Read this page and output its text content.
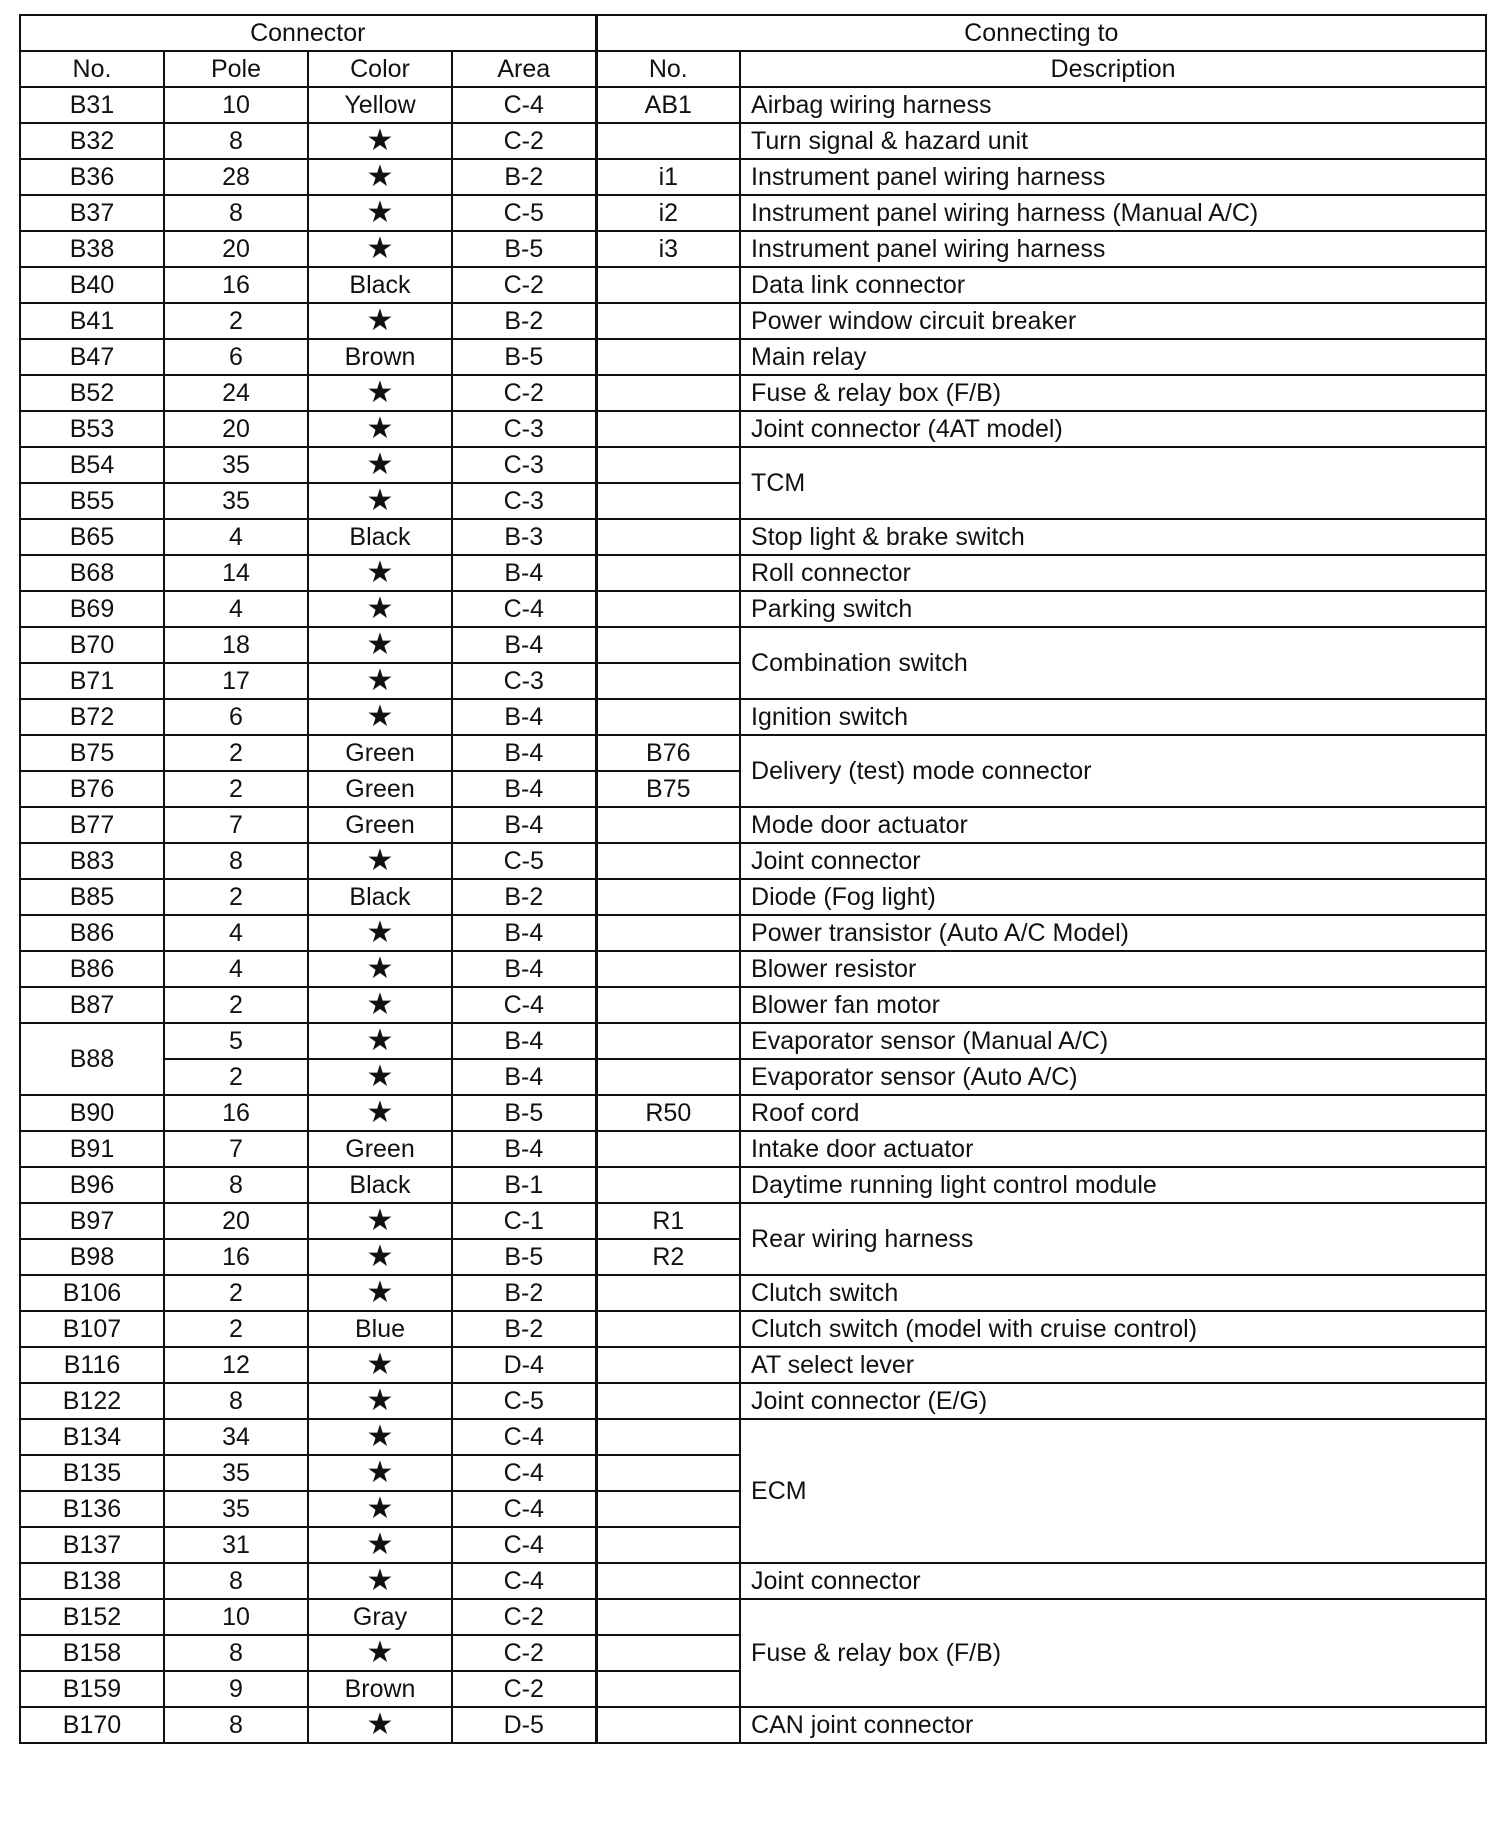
Connector				Connecting to	
No.	Pole	Color	Area	No.	Description
B31	10	Yellow	C-4	AB1	Airbag wiring harness
B32	8	★	C-2		Turn signal & hazard unit
B36	28	★	B-2	i1	Instrument panel wiring harness
B37	8	★	C-5	i2	Instrument panel wiring harness (Manual A/C)
B38	20	★	B-5	i3	Instrument panel wiring harness
B40	16	Black	C-2		Data link connector
B41	2	★	B-2		Power window circuit breaker
B47	6	Brown	B-5		Main relay
B52	24	★	C-2		Fuse & relay box (F/B)
B53	20	★	C-3		Joint connector (4AT model)
B54	35	★	C-3		TCM
B55	35	★	C-3		
B65	4	Black	B-3		Stop light & brake switch
B68	14	★	B-4		Roll connector
B69	4	★	C-4		Parking switch
B70	18	★	B-4		Combination switch
B71	17	★	C-3		
B72	6	★	B-4		Ignition switch
B75	2	Green	B-4	B76	Delivery (test) mode connector
B76	2	Green	B-4	B75	
B77	7	Green	B-4		Mode door actuator
B83	8	★	C-5		Joint connector
B85	2	Black	B-2		Diode (Fog light)
B86	4	★	B-4		Power transistor (Auto A/C Model)
B86	4	★	B-4		Blower resistor
B87	2	★	C-4		Blower fan motor
B88	5	★	B-4		Evaporator sensor (Manual A/C)
	2	★	B-4		Evaporator sensor (Auto A/C)
B90	16	★	B-5	R50	Roof cord
B91	7	Green	B-4		Intake door actuator
B96	8	Black	B-1		Daytime running light control module
B97	20	★	C-1	R1	Rear wiring harness
B98	16	★	B-5	R2	
B106	2	★	B-2		Clutch switch
B107	2	Blue	B-2		Clutch switch (model with cruise control)
B116	12	★	D-4		AT select lever
B122	8	★	C-5		Joint connector (E/G)
B134	34	★	C-4		ECM
B135	35	★	C-4		
B136	35	★	C-4		
B137	31	★	C-4		
B138	8	★	C-4		Joint connector
B152	10	Gray	C-2		Fuse & relay box (F/B)
B158	8	★	C-2		
B159	9	Brown	C-2		
B170	8	★	D-5		CAN joint connector
